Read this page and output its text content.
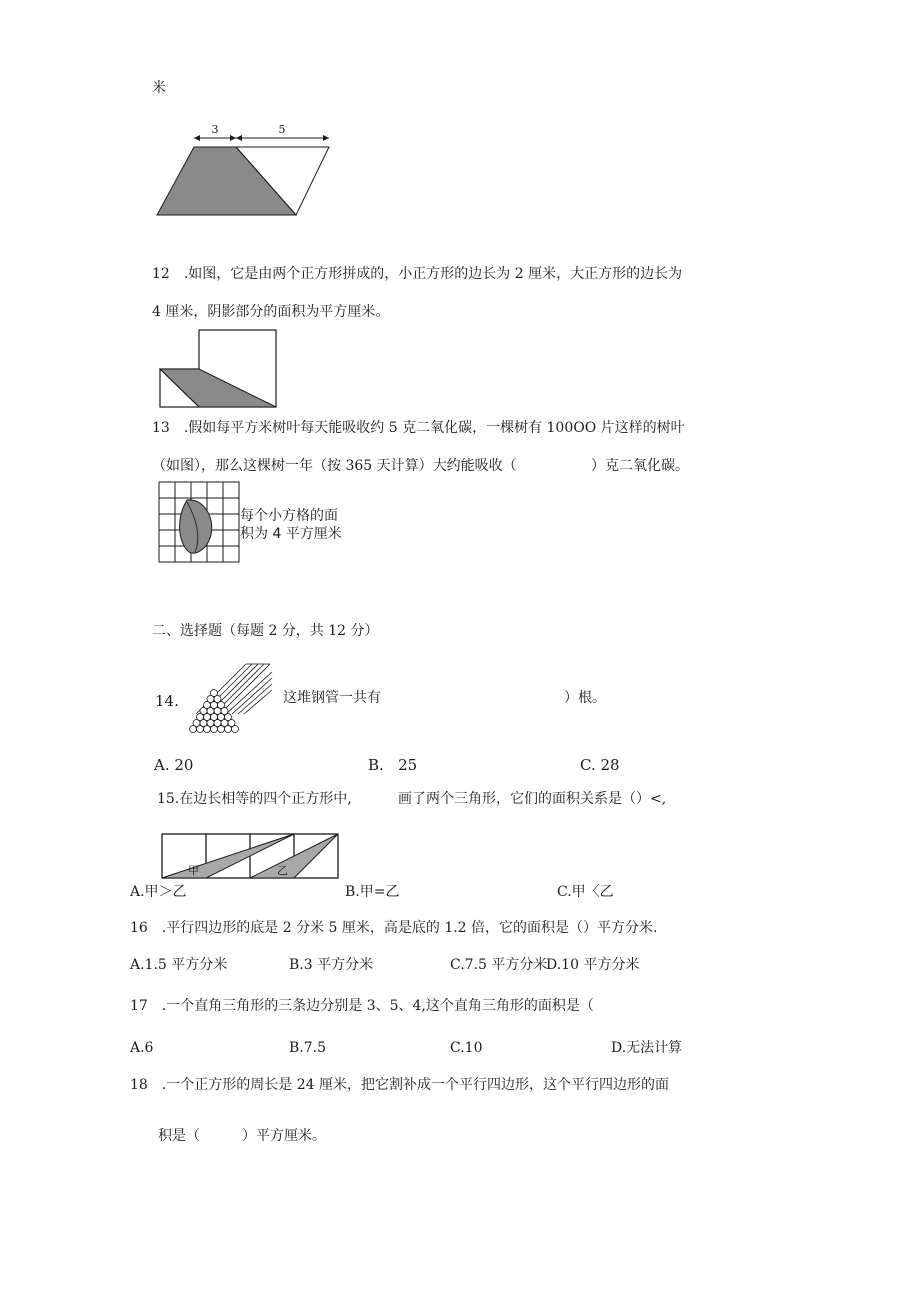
米
3	5
12　.如图，它是由两个正方形拼成的，小正方形的边长为 2 厘米，大正方形的边长为
4 厘米，阴影部分的面积为平方厘米。
13　.假如每平方米树叶每天能吸收约 5 克二氧化碳，一棵树有 100OO 片这样的树叶
（如图），那么这棵树一年（按 365 天计算）大约能吸收（	）克二氧化碳。
每个小方格的面
积为 4 平方厘米
二、选择题（每题 2 分，共 12 分）
14.	这堆钢管一共有	）根。
A. 20	B.   25	C. 28
15.在边长相等的四个正方形中,	画了两个三角形，它们的面积关系是（）<,
甲	乙
A.甲＞乙	B.甲=乙	C.甲〈乙
16　.平行四边形的底是 2 分米 5 厘米，高是底的 1.2 倍，它的面积是（）平方分米.
A.1.5 平方分米	B.3 平方分米	C.7.5 平方分米
D.10 平方分米
17　.一个直角三角形的三条边分别是 3、5、4,这个直角三角形的面积是（
A.6	B.7.5	C.10	D.无法计算
18　.一个正方形的周长是 24 厘米，把它割补成一个平行四边形，这个平行四边形的面
积是（　　　）平方厘米。
